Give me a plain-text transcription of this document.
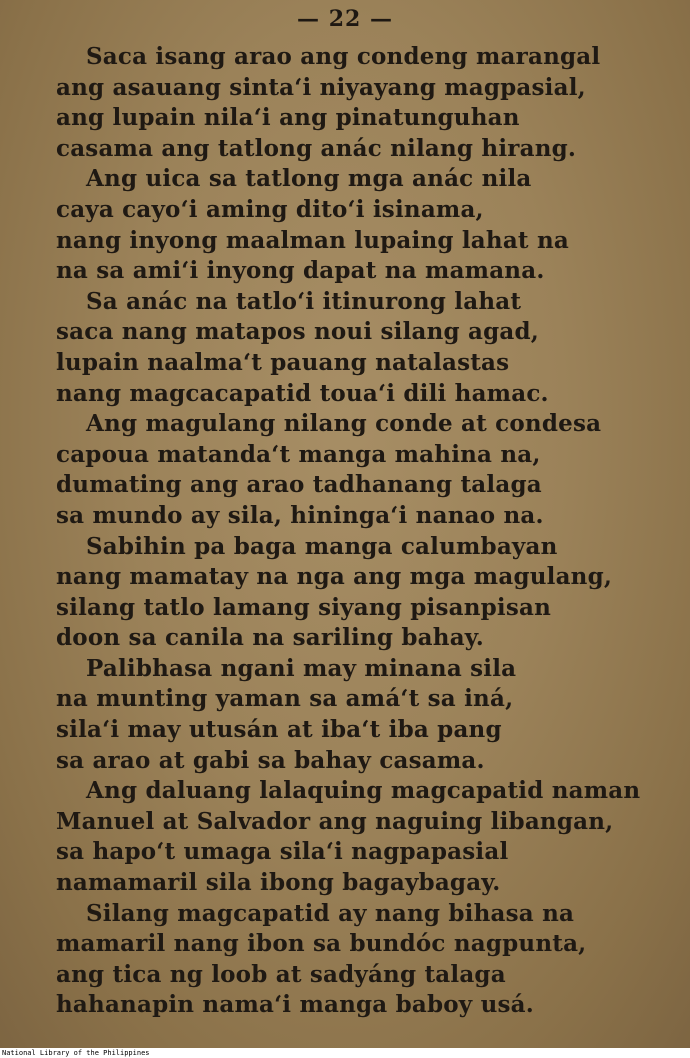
— 22 —
Saca isang arao ang condeng marangal
ang asauang sinta‘i niyayang magpasial,
ang lupain nila‘i ang pinatunguhan
casama ang tatlong anác nilang hirang.
Ang uica sa tatlong mga anác nila
caya cayo‘i aming dito‘i isinama,
nang inyong maalman lupaing lahat na
na sa ami‘i inyong dapat na mamana.
Sa anác na tatlo‘i itinurong lahat
saca nang matapos noui silang agad,
lupain naalma‘t pauang natalastas
nang magcacapatid toua‘i dili hamac.
Ang magulang nilang conde at condesa
capoua matanda‘t manga mahina na,
dumating ang arao tadhanang talaga
sa mundo ay sila, hininga‘i nanao na.
Sabihin pa baga manga calumbayan
nang mamatay na nga ang mga magulang,
silang tatlo lamang siyang pisanpisan
doon sa canila na sariling bahay.
Palibhasa ngani may minana sila
na munting yaman sa amá‘t sa iná,
sila‘i may utusán at iba‘t iba pang
sa arao at gabi sa bahay casama.
Ang daluang lalaquing magcapatid naman
Manuel at Salvador ang naguing libangan,
sa hapo‘t umaga sila‘i nagpapasial
namamaril sila ibong bagaybagay.
Silang magcapatid ay nang bihasa na
mamaril nang ibon sa bundóc nagpunta,
ang tica ng loob at sadyáng talaga
hahanapin nama‘i manga baboy usá.
National Library of the Philippines
